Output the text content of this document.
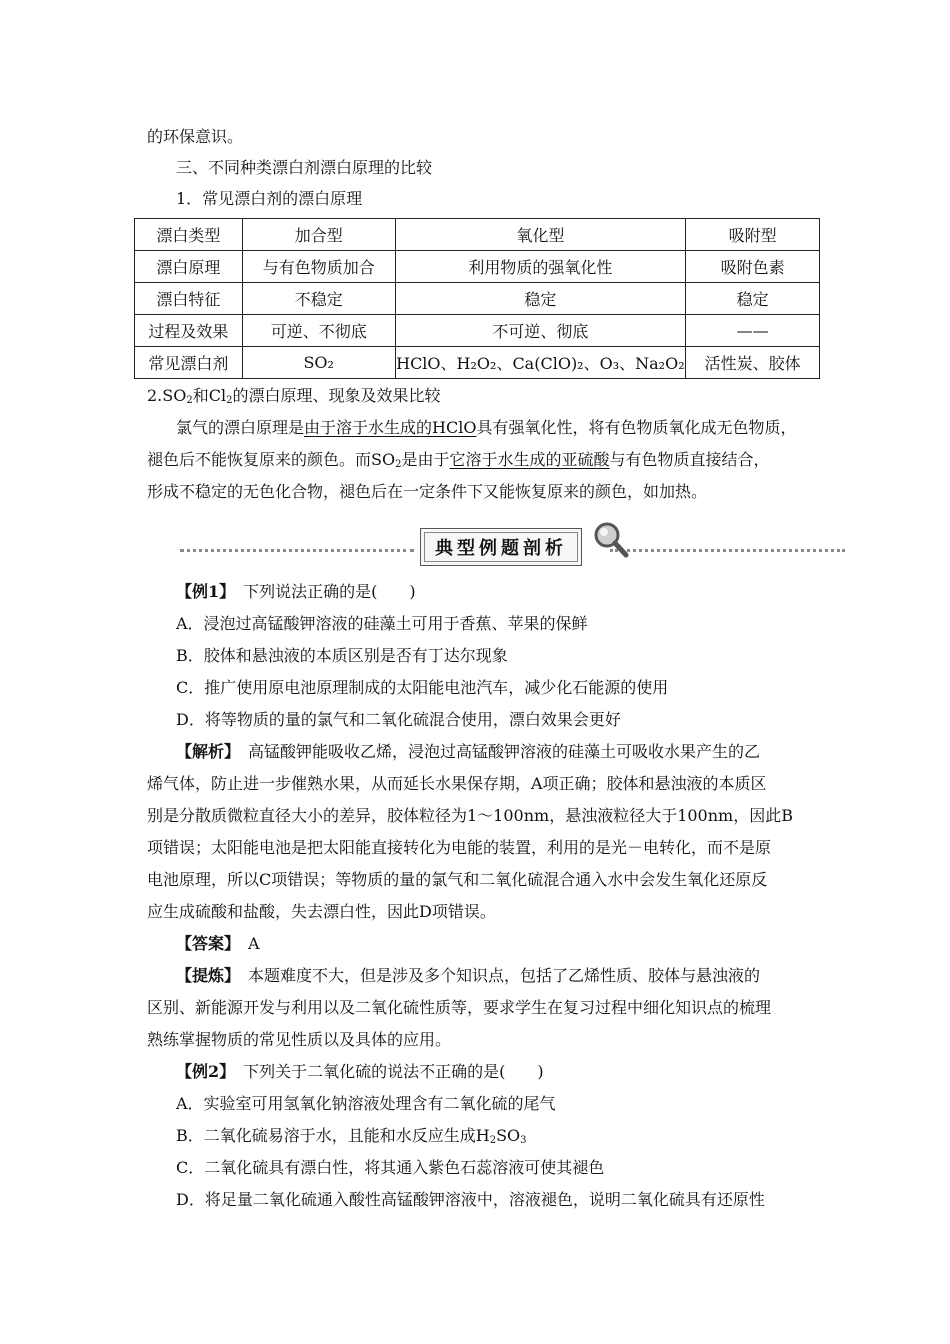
的环保意识。
三、不同种类漂白剂漂白原理的比较
1．常见漂白剂的漂白原理
漂白类型	加合型	氧化型	吸附型
漂白原理	与有色物质加合	利用物质的强氧化性	吸附色素
漂白特征	不稳定	稳定	稳定
过程及效果	可逆、不彻底	不可逆、彻底	——
常见漂白剂	SO₂	HClO、H₂O₂、Ca(ClO)₂、O₃、Na₂O₂	活性炭、胶体
$2.SO_2$和$Cl_2$的漂白原理、现象及效果比较
氯气的漂白原理是由于溶于水生成的HClO具有强氧化性，将有色物质氧化成无色物质，
褪色后不能恢复原来的颜色。而$SO_2$是由于它溶于水生成的亚硫酸与有色物质直接结合，
形成不稳定的无色化合物，褪色后在一定条件下又能恢复原来的颜色，如加热。
典型例题剖析
【例1】　 下列说法正确的是(　　)
A．浸泡过高锰酸钾溶液的硅藻土可用于香蕉、苹果的保鲜
B．胶体和悬浊液的本质区别是否有丁达尔现象
C．推广使用原电池原理制成的太阳能电池汽车，减少化石能源的使用
D．将等物质的量的氯气和二氧化硫混合使用，漂白效果会更好
【解析】　 高锰酸钾能吸收乙烯，浸泡过高锰酸钾溶液的硅藻土可吸收水果产生的乙
烯气体，防止进一步催熟水果，从而延长水果保存期，A项正确；胶体和悬浊液的本质区
别是分散质微粒直径大小的差异，胶体粒径为1～100nm，悬浊液粒径大于100nm，因此B
项错误；太阳能电池是把太阳能直接转化为电能的装置，利用的是光－电转化，而不是原
电池原理，所以C项错误；等物质的量的氯气和二氧化硫混合通入水中会发生氧化还原反
应生成硫酸和盐酸，失去漂白性，因此D项错误。
【答案】　 A
【提炼】　 本题难度不大，但是涉及多个知识点，包括了乙烯性质、胶体与悬浊液的
区别、新能源开发与利用以及二氧化硫性质等，要求学生在复习过程中细化知识点的梳理
熟练掌握物质的常见性质以及具体的应用。
【例2】　 下列关于二氧化硫的说法不正确的是(　　)
A．实验室可用氢氧化钠溶液处理含有二氧化硫的尾气
B．二氧化硫易溶于水，且能和水反应生成$H_2SO_3$
C．二氧化硫具有漂白性，将其通入紫色石蕊溶液可使其褪色
D．将足量二氧化硫通入酸性高锰酸钾溶液中，溶液褪色，说明二氧化硫具有还原性
